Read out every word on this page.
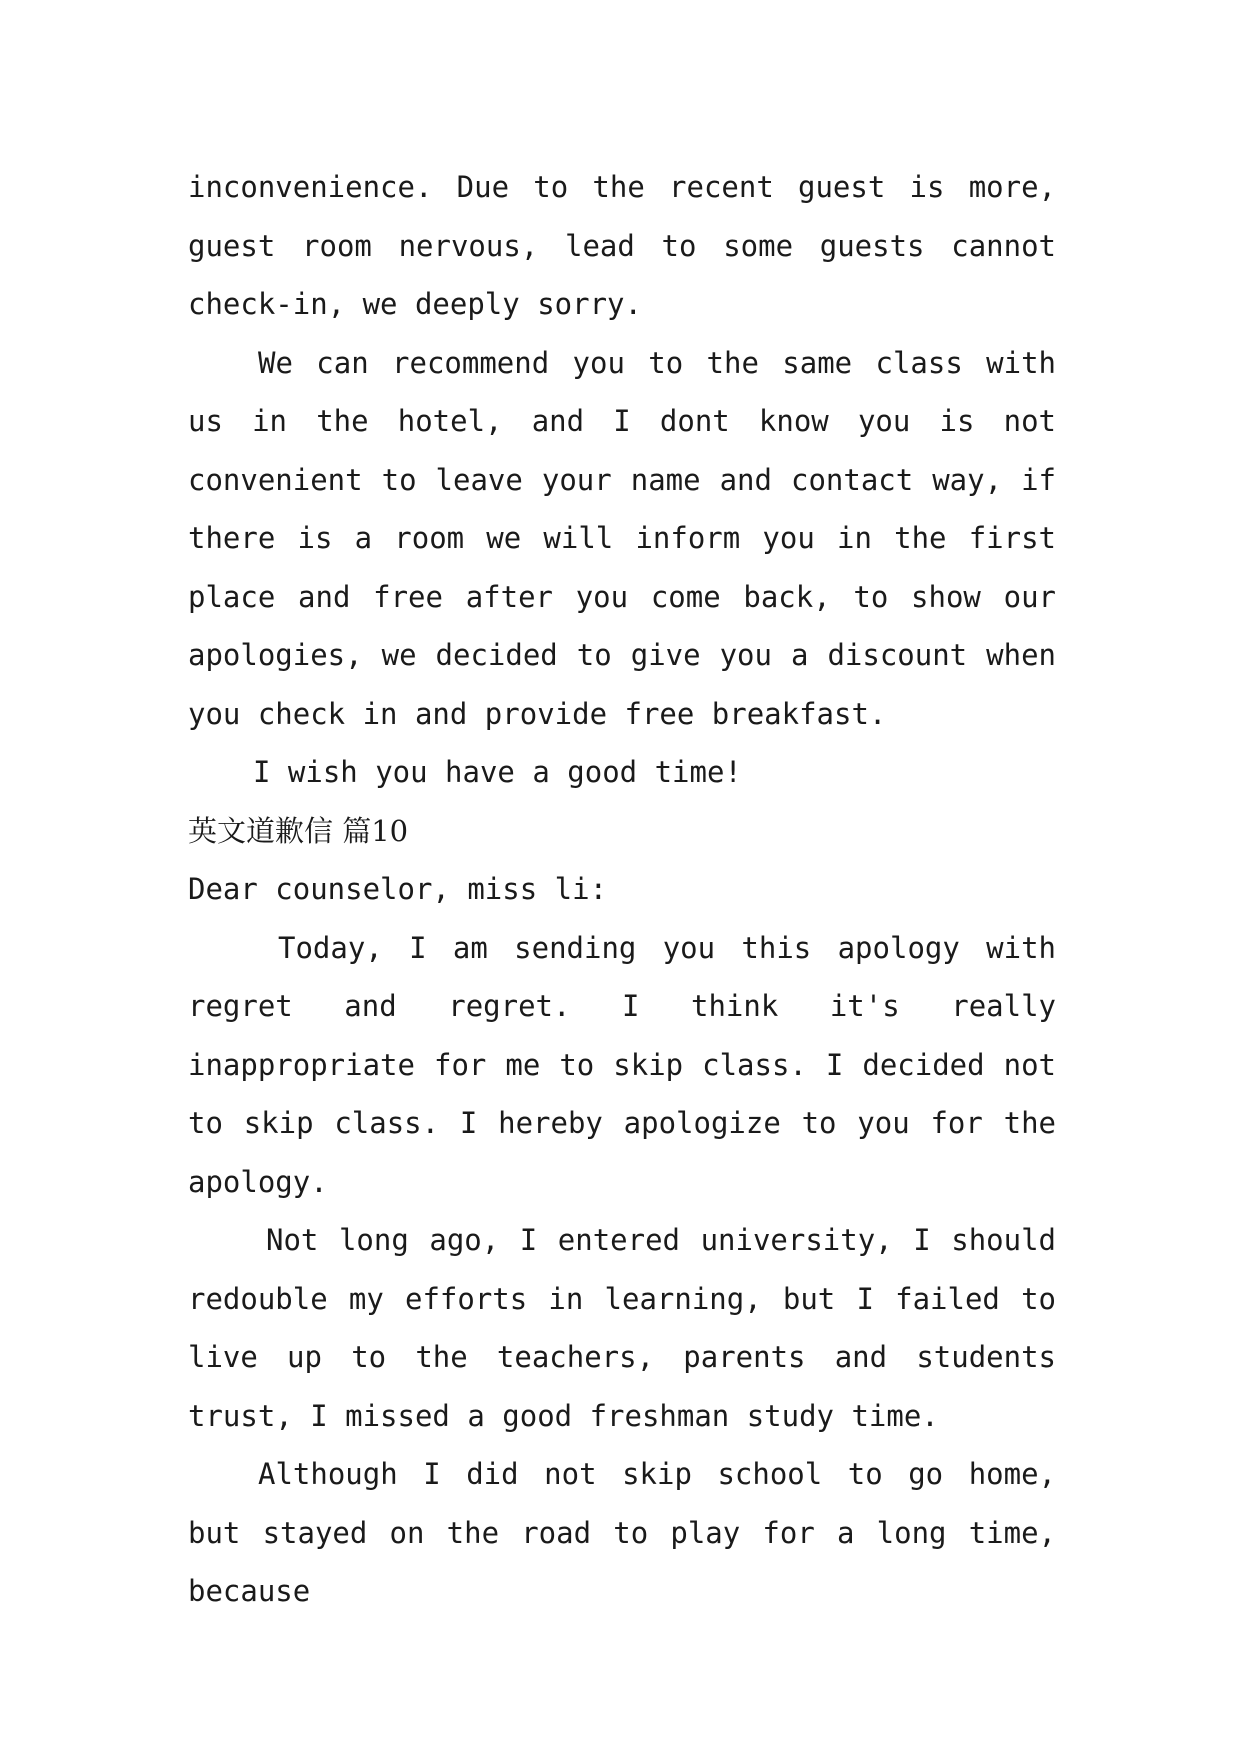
inconvenience. Due to the recent guest is more, guest room nervous, lead to some guests cannot check-in, we deeply sorry.

We can recommend you to the same class with us in the hotel, and I dont know you is not convenient to leave your name and contact way, if there is a room we will inform you in the first place and free after you come back, to show our apologies, we decided to give you a discount when you check in and provide free breakfast.

I wish you have a good time!

英文道歉信 篇10

Dear counselor, miss li:

Today, I am sending you this apology with regret and regret. I think it's really inappropriate for me to skip class. I decided not to skip class. I hereby apologize to you for the apology.

Not long ago, I entered university, I should redouble my efforts in learning, but I failed to live up to the teachers, parents and students trust, I missed a good freshman study time.

Although I did not skip school to go home, but stayed on the road to play for a long time, because
